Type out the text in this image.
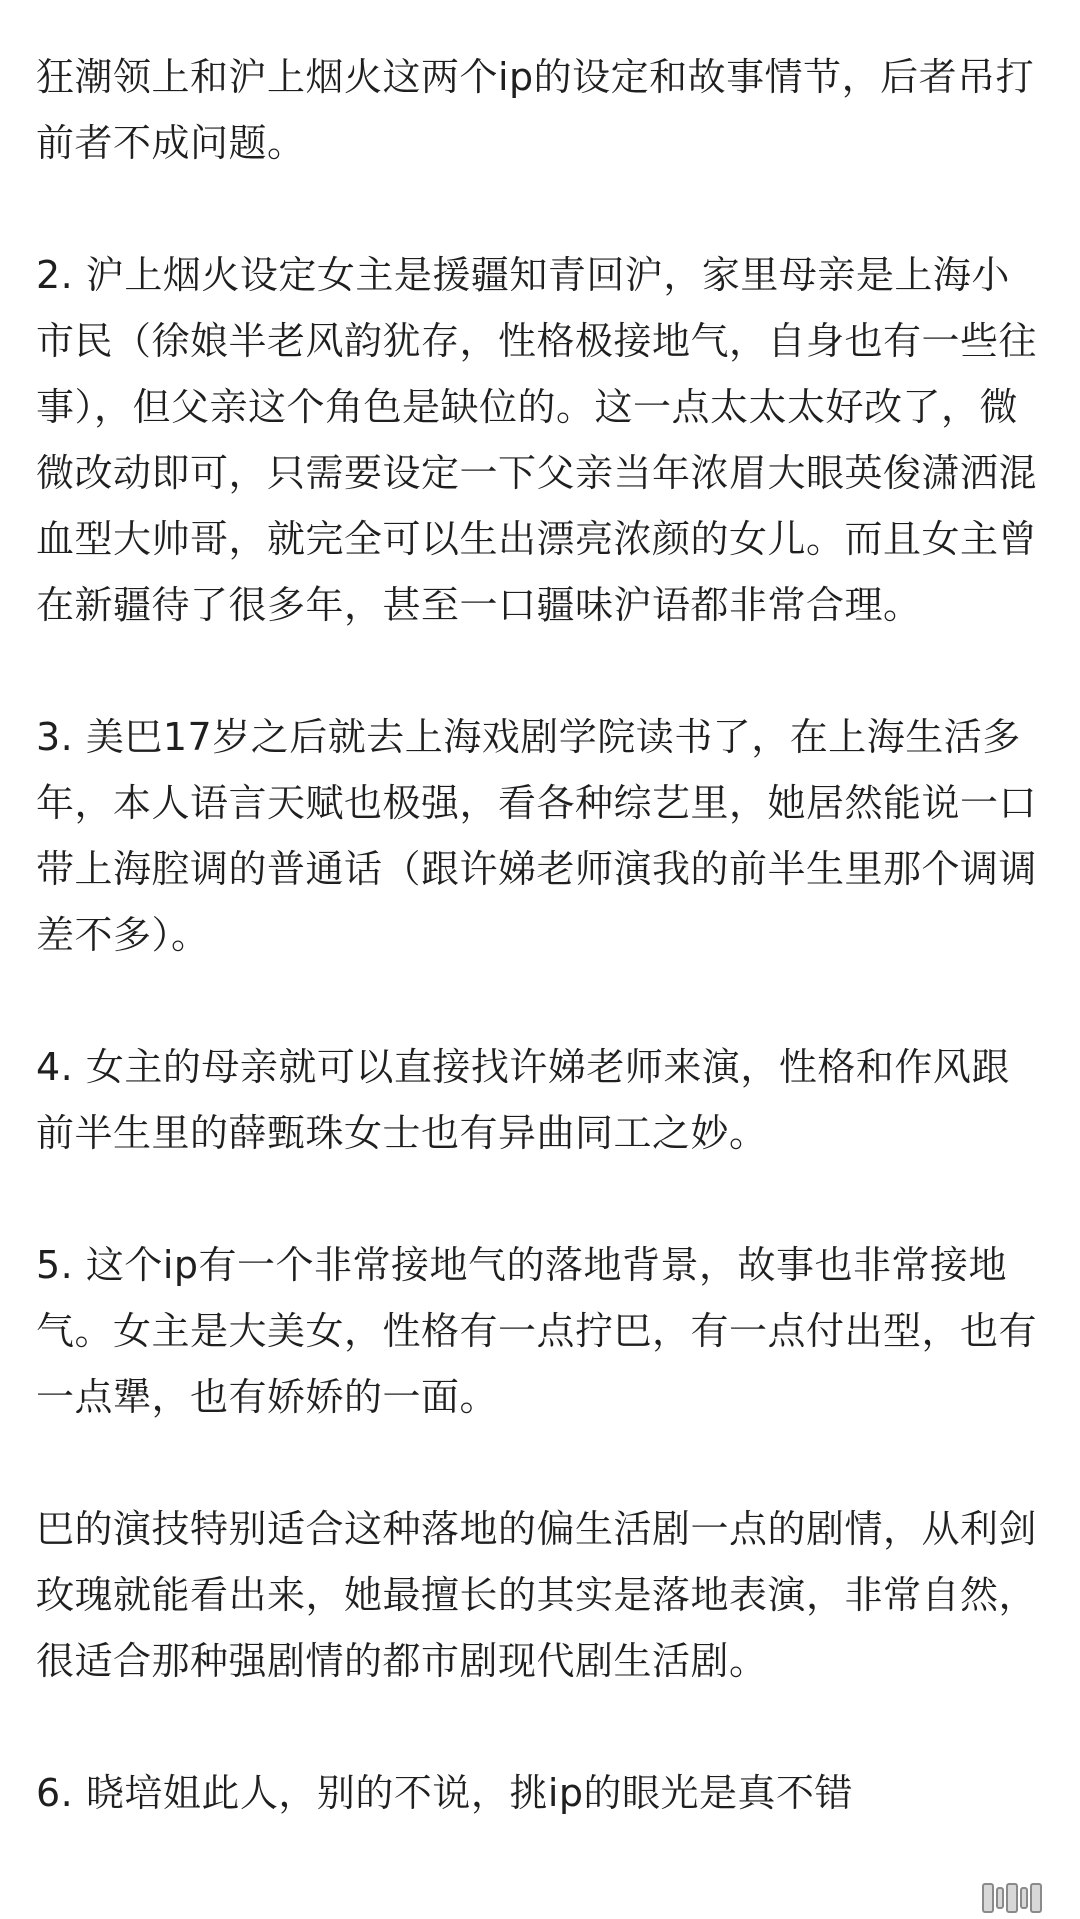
狂潮领上和沪上烟火这两个ip的设定和故事情节，后者吊打前者不成问题。

2. 沪上烟火设定女主是援疆知青回沪，家里母亲是上海小市民（徐娘半老风韵犹存，性格极接地气，自身也有一些往事），但父亲这个角色是缺位的。这一点太太太好改了，微微改动即可，只需要设定一下父亲当年浓眉大眼英俊潇洒混血型大帅哥，就完全可以生出漂亮浓颜的女儿。而且女主曾在新疆待了很多年，甚至一口疆味沪语都非常合理。

3. 美巴17岁之后就去上海戏剧学院读书了，在上海生活多年，本人语言天赋也极强，看各种综艺里，她居然能说一口带上海腔调的普通话（跟许娣老师演我的前半生里那个调调差不多）。

4. 女主的母亲就可以直接找许娣老师来演，性格和作风跟前半生里的薛甄珠女士也有异曲同工之妙。

5. 这个ip有一个非常接地气的落地背景，故事也非常接地气。女主是大美女，性格有一点拧巴，有一点付出型，也有一点犟，也有娇娇的一面。

巴的演技特别适合这种落地的偏生活剧一点的剧情，从利剑玫瑰就能看出来，她最擅长的其实是落地表演，非常自然，很适合那种强剧情的都市剧现代剧生活剧。

6. 晓培姐此人，别的不说，挑ip的眼光是真不错
